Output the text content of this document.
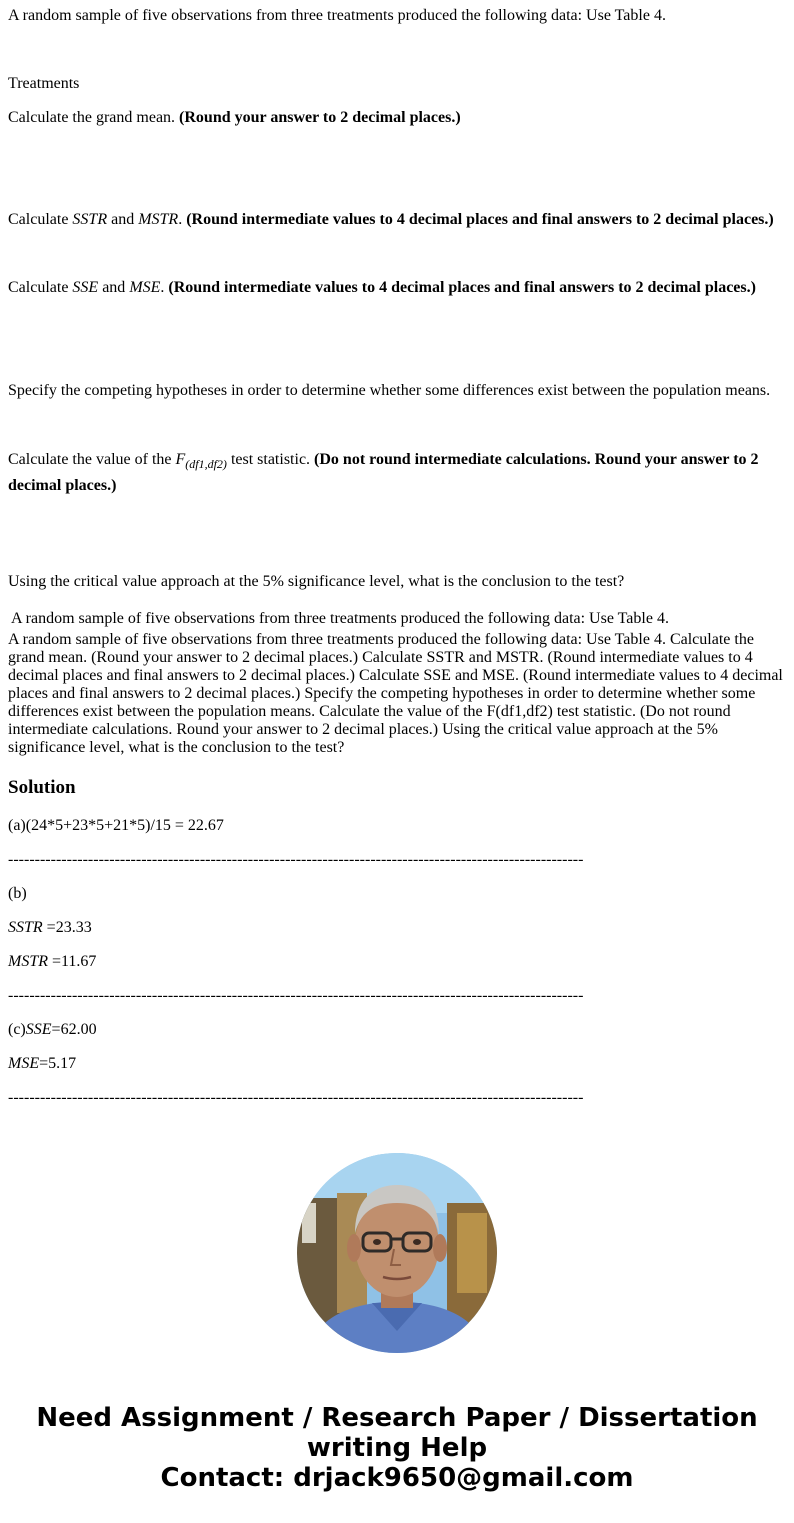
A random sample of five observations from three treatments produced the following data: Use Table 4.
Treatments
Calculate the grand mean. (Round your answer to 2 decimal places.)
Calculate SSTR and MSTR. (Round intermediate values to 4 decimal places and final answers to 2 decimal places.)
Calculate SSE and MSE. (Round intermediate values to 4 decimal places and final answers to 2 decimal places.)
Specify the competing hypotheses in order to determine whether some differences exist between the population means.
Calculate the value of the $F_{(df1,df2)}$ test statistic. (Do not round intermediate calculations. Round your answer to 2 decimal places.)
Using the critical value approach at the 5% significance level, what is the conclusion to the test?
A random sample of five observations from three treatments produced the following data: Use Table 4.
A random sample of five observations from three treatments produced the following data: Use Table 4. Calculate the grand mean. (Round your answer to 2 decimal places.) Calculate SSTR and MSTR. (Round intermediate values to 4 decimal places and final answers to 2 decimal places.) Calculate SSE and MSE. (Round intermediate values to 4 decimal places and final answers to 2 decimal places.) Specify the competing hypotheses in order to determine whether some differences exist between the population means. Calculate the value of the F(df1,df2) test statistic. (Do not round intermediate calculations. Round your answer to 2 decimal places.) Using the critical value approach at the 5% significance level, what is the conclusion to the test?
Solution
(a)(24*5+23*5+21*5)/15 = 22.67
------------------------------------------------------------------------------------------------------------
(b)
SSTR =23.33
MSTR =11.67
------------------------------------------------------------------------------------------------------------
(c)SSE=62.00
MSE=5.17
------------------------------------------------------------------------------------------------------------
Need Assignment / Research Paper / Dissertation
writing Help
Contact: drjack9650@gmail.com
